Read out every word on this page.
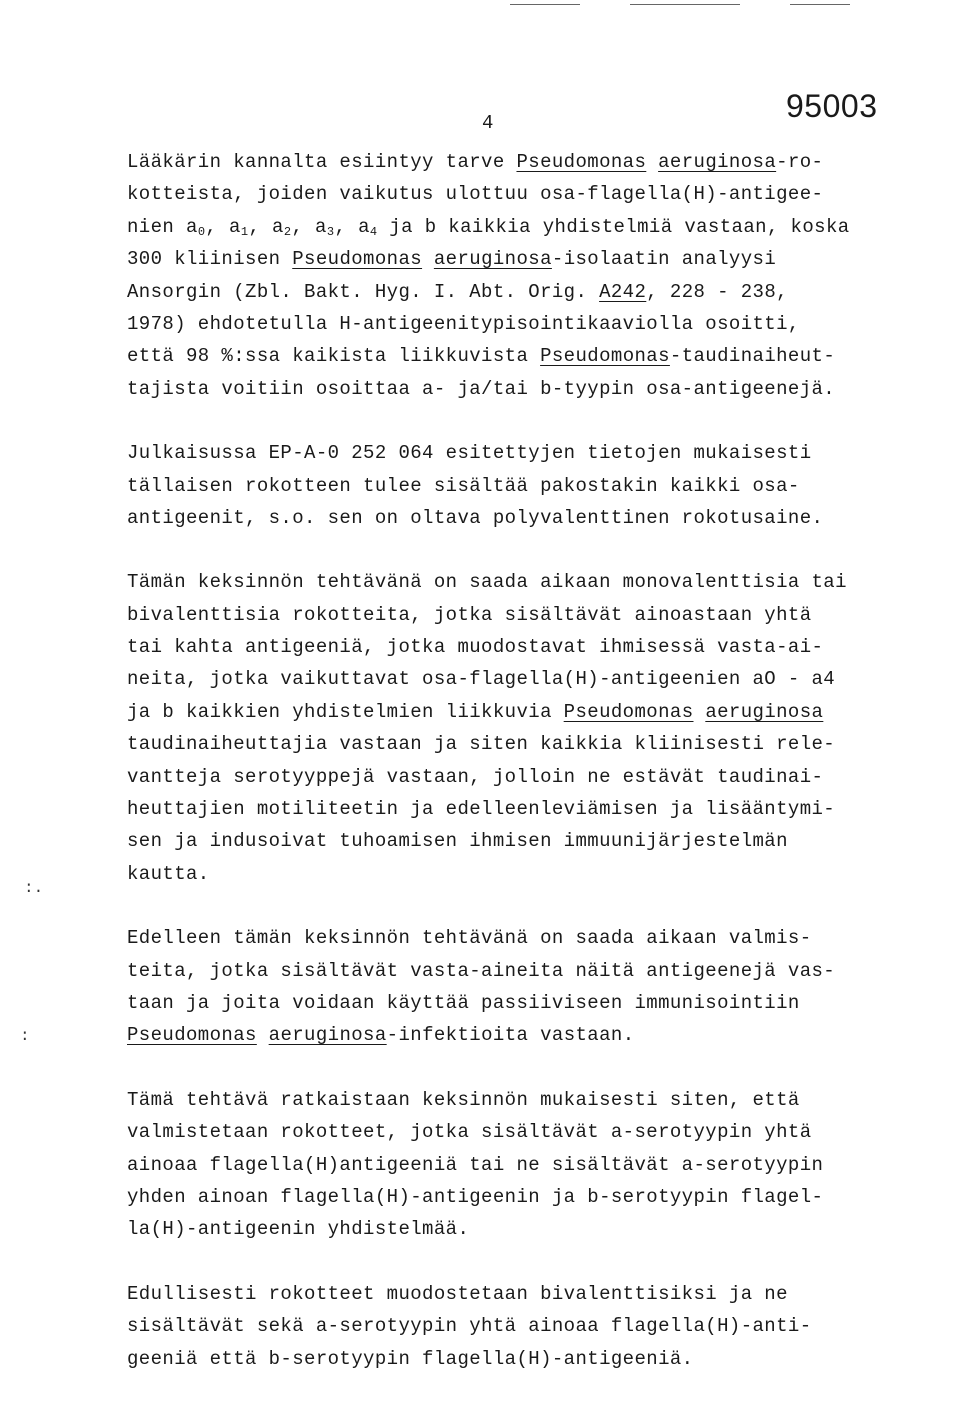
4	95003
:.
:
Lääkärin kannalta esiintyy tarve Pseudomonas aeruginosa-ro-
kotteista, joiden vaikutus ulottuu osa-flagella(H)-antigee-
nien $a_0$, $a_1$, $a_2$, $a_3$, $a_4$ ja b kaikkia yhdistelmiä vastaan, koska
300 kliinisen Pseudomonas aeruginosa-isolaatin analyysi
Ansorgin (Zbl. Bakt. Hyg. I. Abt. Orig. A242, 228 - 238,
1978) ehdotetulla H-antigeenitypisointikaaviolla osoitti,
että 98 %:ssa kaikista liikkuvista Pseudomonas-taudinaiheut-
tajista voitiin osoittaa a- ja/tai b-tyypin osa-antigeenejä.
Julkaisussa EP-A-0 252 064 esitettyjen tietojen mukaisesti
tällaisen rokotteen tulee sisältää pakostakin kaikki osa-
antigeenit, s.o. sen on oltava polyvalenttinen rokotusaine.
Tämän keksinnön tehtävänä on saada aikaan monovalenttisia tai
bivalenttisia rokotteita, jotka sisältävät ainoastaan yhtä
tai kahta antigeeniä, jotka muodostavat ihmisessä vasta-ai-
neita, jotka vaikuttavat osa-flagella(H)-antigeenien aO - a4
ja b kaikkien yhdistelmien liikkuvia Pseudomonas aeruginosa
taudinaiheuttajia vastaan ja siten kaikkia kliinisesti rele-
vantteja serotyyppejä vastaan, jolloin ne estävät taudinai-
heuttajien motiliteetin ja edelleenleviämisen ja lisääntymi-
sen ja indusoivat tuhoamisen ihmisen immuunijärjestelmän
kautta.
Edelleen tämän keksinnön tehtävänä on saada aikaan valmis-
teita, jotka sisältävät vasta-aineita näitä antigeenejä vas-
taan ja joita voidaan käyttää passiiviseen immunisointiin
Pseudomonas aeruginosa-infektioita vastaan.
Tämä tehtävä ratkaistaan keksinnön mukaisesti siten, että
valmistetaan rokotteet, jotka sisältävät a-serotyypin yhtä
ainoaa flagella(H)antigeeniä tai ne sisältävät a-serotyypin
yhden ainoan flagella(H)-antigeenin ja b-serotyypin flagel-
la(H)-antigeenin yhdistelmää.
Edullisesti rokotteet muodostetaan bivalenttisiksi ja ne
sisältävät sekä a-serotyypin yhtä ainoaa flagella(H)-anti-
geeniä että b-serotyypin flagella(H)-antigeeniä.
